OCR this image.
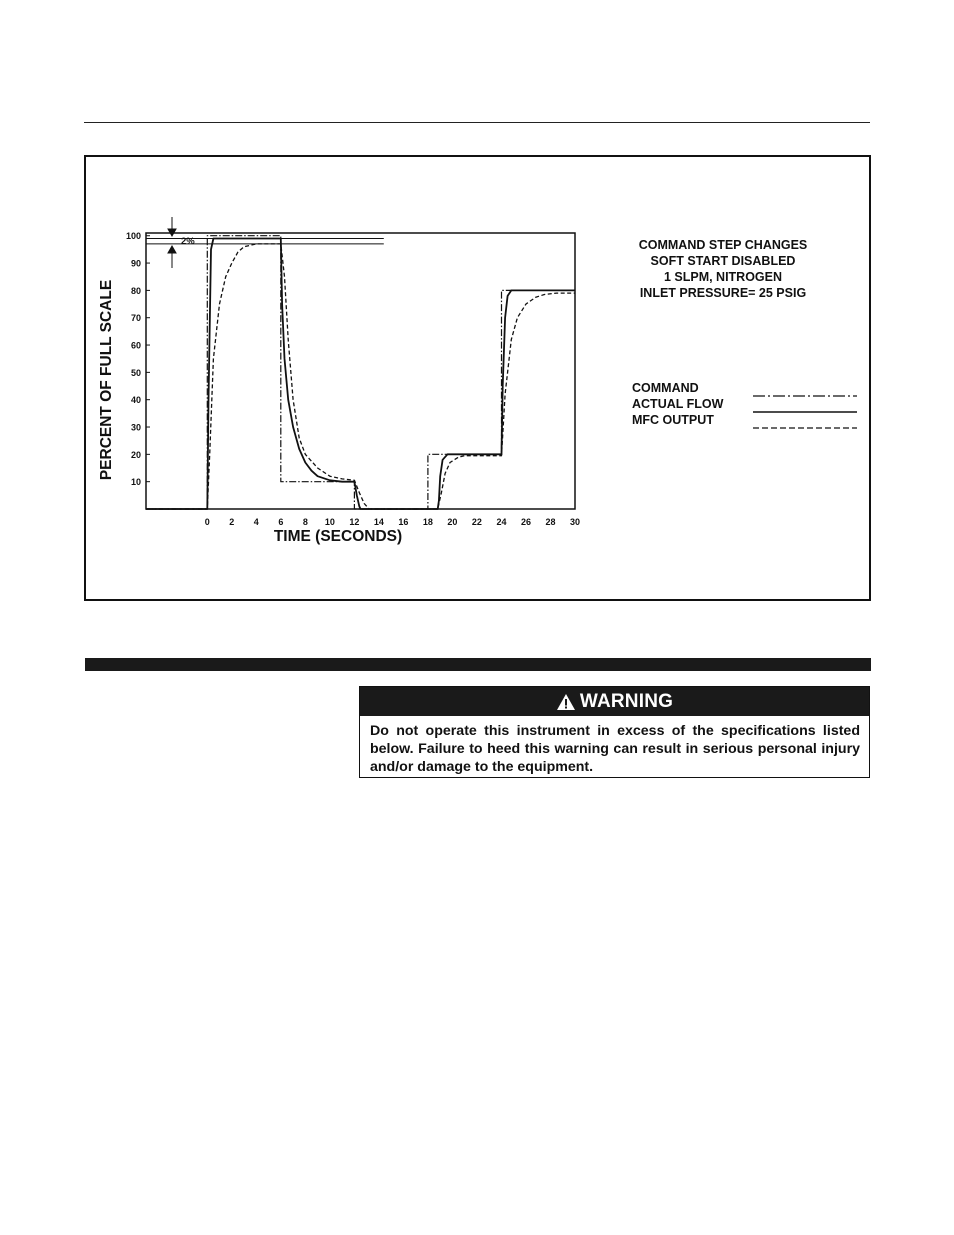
10
20
30
40
50
60
70
80
90
100
0 2 4 6 8 10 12 14 16 18 20 22 24 26 28 30
PERCENT OF FULL SCALE
TIME (SECONDS)
2%	COMMAND STEP CHANGES
SOFT START DISABLED
1 SLPM, NITROGEN
INLET PRESSURE= 25 PSIG
COMMAND
ACTUAL FLOW
MFC OUTPUT
WARNING
Do not operate this instrument in excess of the specifications listed below. Failure to heed this warning can result in serious personal injury and/or damage to the equipment.
